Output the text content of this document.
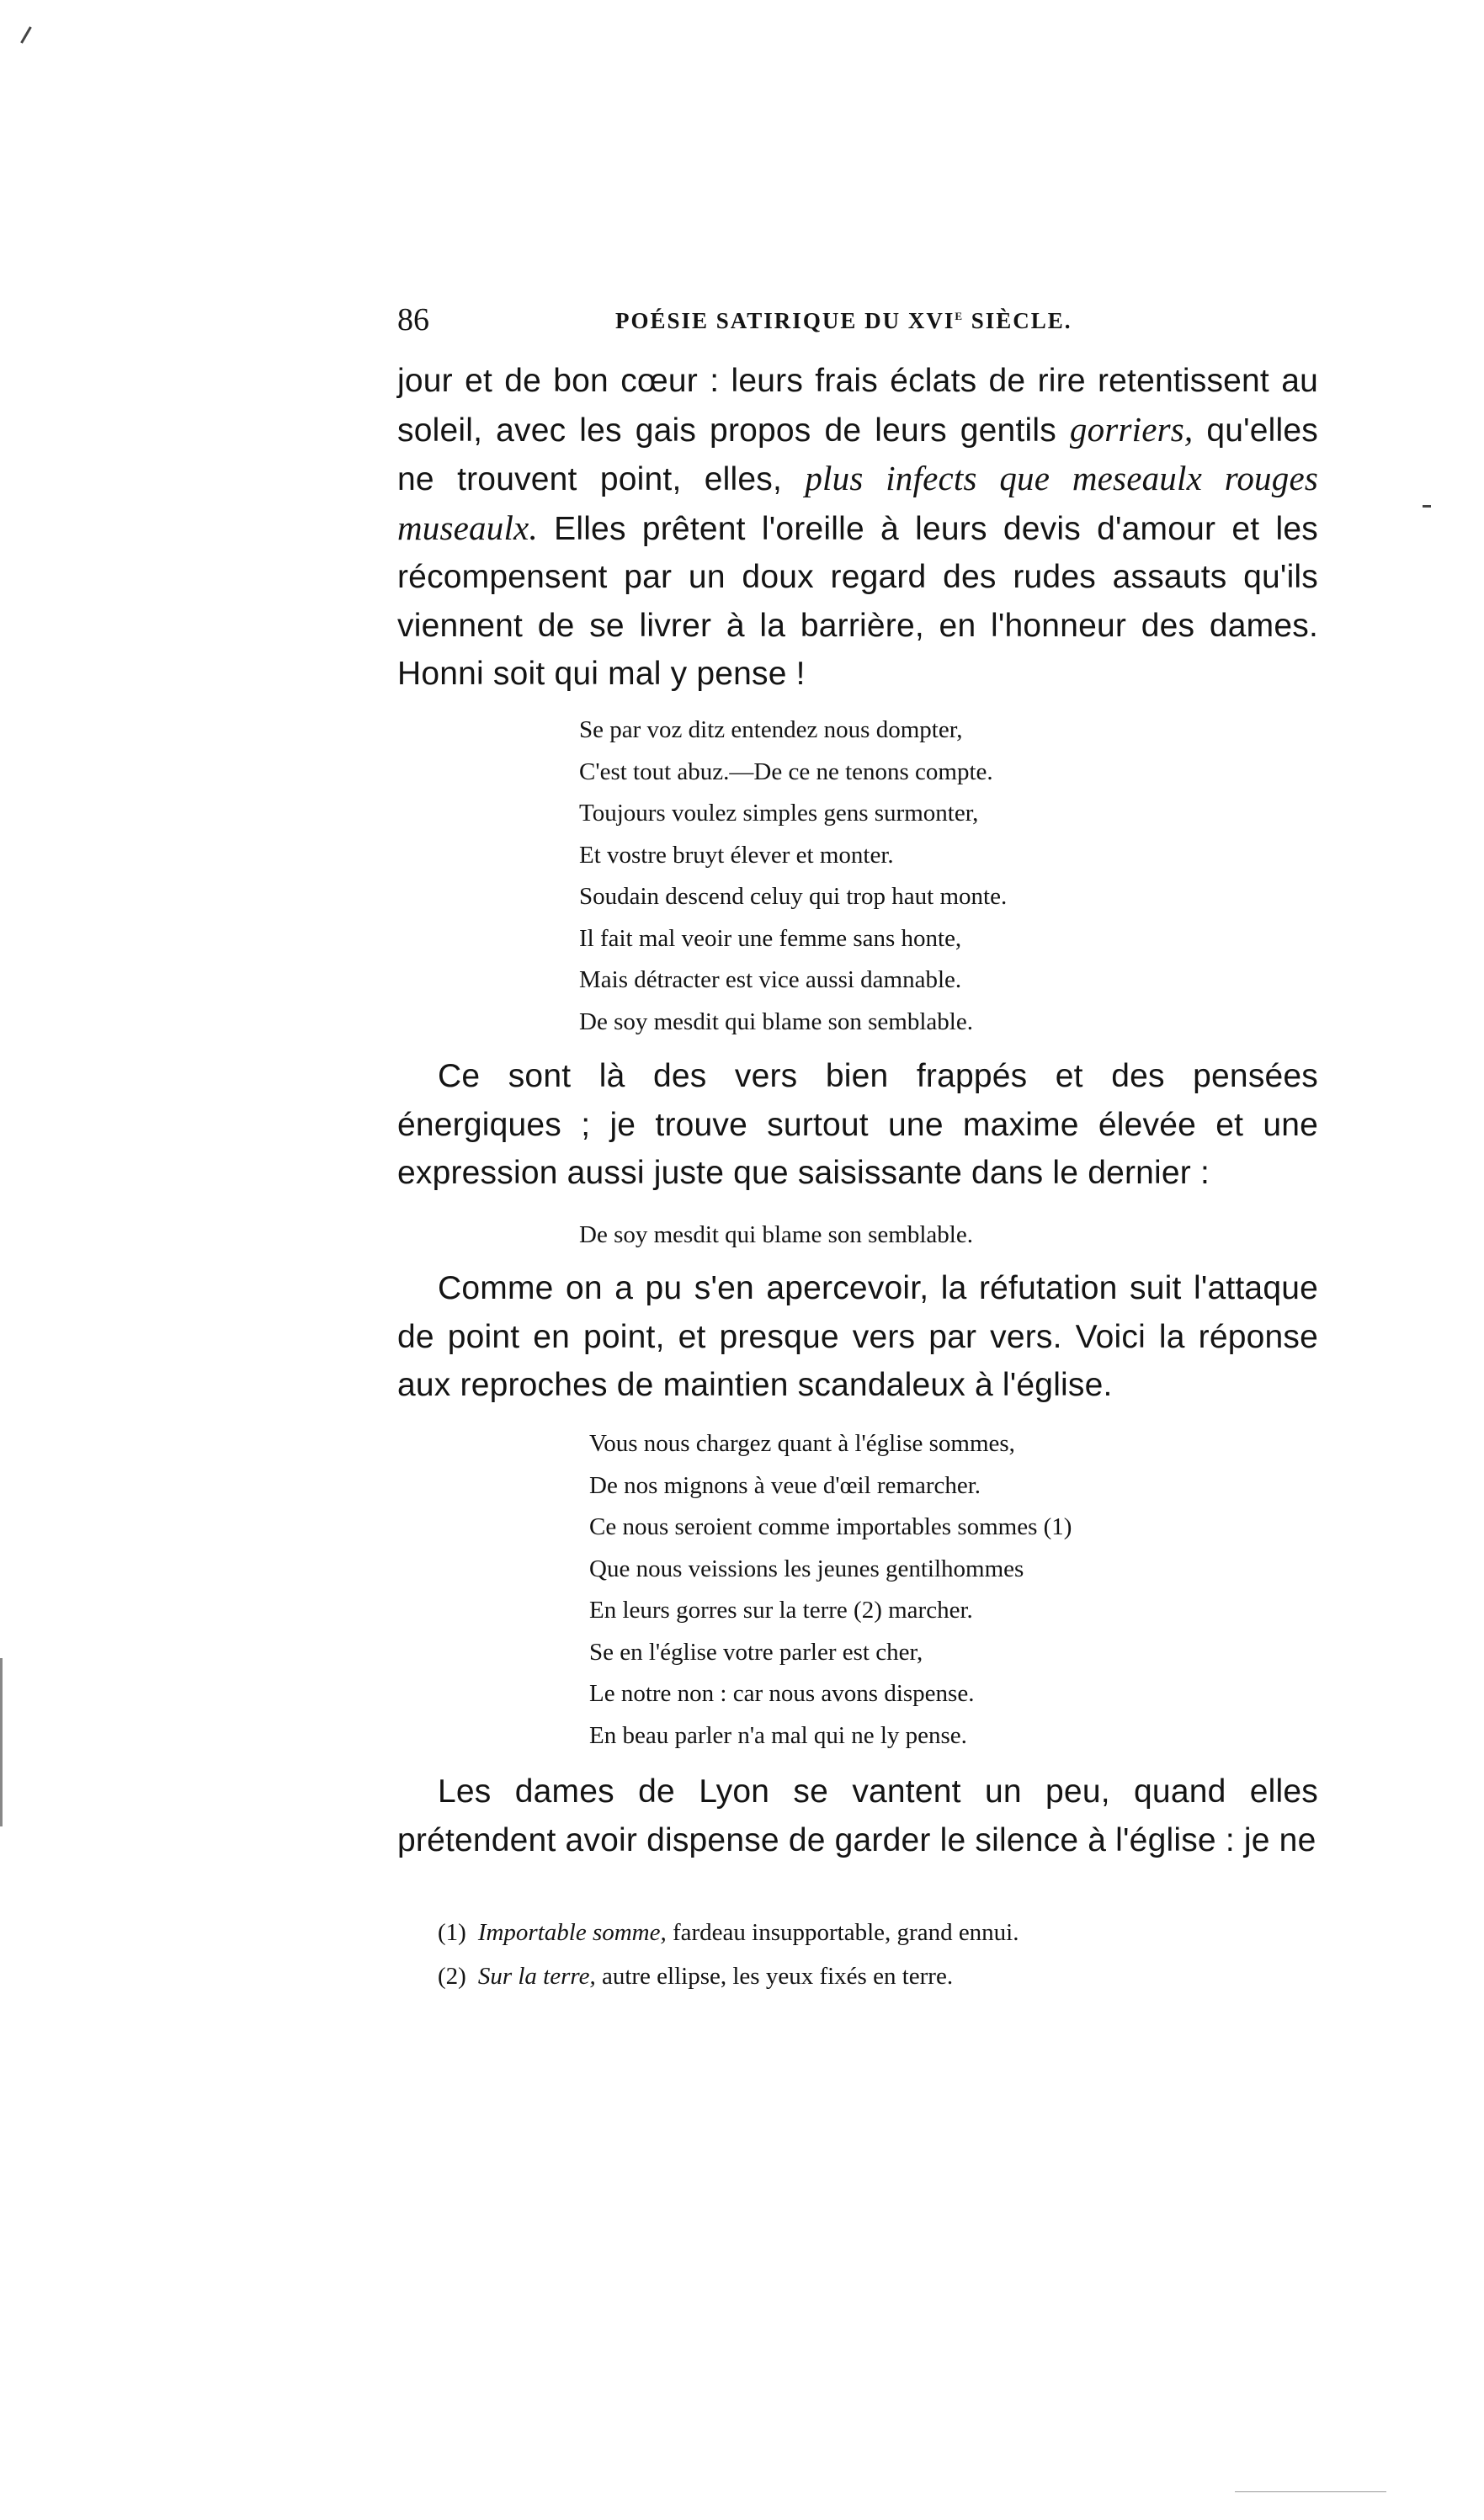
86	POÉSIE SATIRIQUE DU XVIe SIÈCLE.

jour et de bon cœur : leurs frais éclats de rire retentissent au soleil, avec les gais propos de leurs gentils gorriers, qu'elles ne trouvent point, elles, plus infects que meseaulx rouges museaulx. Elles prêtent l'oreille à leurs devis d'amour et les récompensent par un doux regard des rudes assauts qu'ils viennent de se livrer à la barrière, en l'honneur des dames. Honni soit qui mal y pense !

Se par voz ditz entendez nous dompter,
C'est tout abuz.—De ce ne tenons compte.
Toujours voulez simples gens surmonter,
Et vostre bruyt élever et monter.
Soudain descend celuy qui trop haut monte.
Il fait mal veoir une femme sans honte,
Mais détracter est vice aussi damnable.
De soy mesdit qui blame son semblable.

Ce sont là des vers bien frappés et des pensées énergiques ; je trouve surtout une maxime élevée et une expression aussi juste que saisissante dans le dernier :

De soy mesdit qui blame son semblable.

Comme on a pu s'en apercevoir, la réfutation suit l'attaque de point en point, et presque vers par vers. Voici la réponse aux reproches de maintien scandaleux à l'église.

Vous nous chargez quant à l'église sommes,
De nos mignons à veue d'œil remarcher.
Ce nous seroient comme importables sommes (1)
Que nous veissions les jeunes gentilhommes
En leurs gorres sur la terre (2) marcher.
Se en l'église votre parler est cher,
Le notre non : car nous avons dispense.
En beau parler n'a mal qui ne ly pense.

Les dames de Lyon se vantent un peu, quand elles prétendent avoir dispense de garder le silence à l'église : je ne

(1) Importable somme, fardeau insupportable, grand ennui.
(2) Sur la terre, autre ellipse, les yeux fixés en terre.
